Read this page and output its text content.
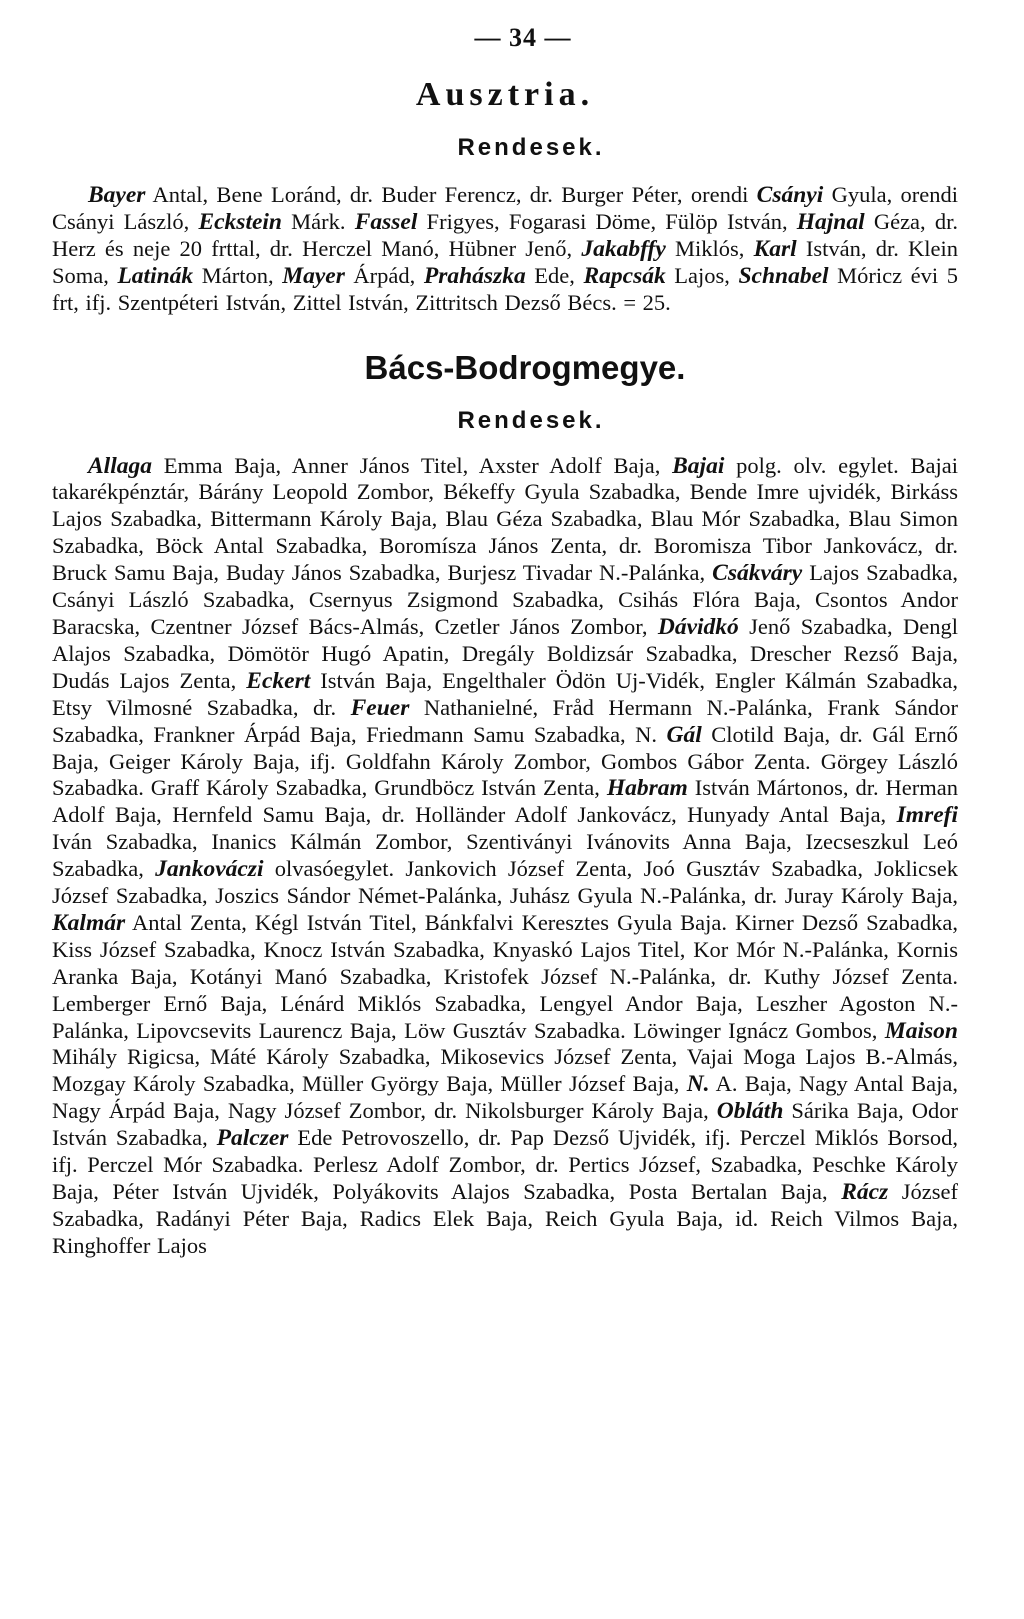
— 34 —
Ausztria.
Rendesek.

Bayer Antal, Bene Loránd, dr. Buder Ferencz, dr. Burger Péter, orendi Csányi Gyula, orendi Csányi László, Eckstein Márk. Fassel Frigyes, Fogarasi Döme, Fülöp István, Hajnal Géza, dr. Herz és neje 20 frttal, dr. Herczel Manó, Hübner Jenő, Jakabffy Miklós, Karl István, dr. Klein Soma, Latinák Márton, Mayer Árpád, Prahászka Ede, Rapcsák Lajos, Schnabel Móricz évi 5 frt, ifj. Szentpéteri István, Zittel István, Zittritsch Dezső Bécs. = 25.

Bács-Bodrogmegye.
Rendesek.

Allaga Emma Baja, Anner János Titel, Axster Adolf Baja, Bajai polg. olv. egylet. Bajai takarékpénztár, Bárány Leopold Zombor, Békeffy Gyula Szabadka, Bende Imre ujvidék, Birkáss Lajos Szabadka, Bittermann Károly Baja, Blau Géza Szabadka, Blau Mór Szabadka, Blau Simon Szabadka, Böck Antal Szabadka, Boromísza János Zenta, dr. Boromisza Tibor Jankovácz, dr. Bruck Samu Baja, Buday János Szabadka, Burjesz Tivadar N.-Palánka, Csákváry Lajos Szabadka, Csányi László Szabadka, Csernyus Zsigmond Szabadka, Csihás Flóra Baja, Csontos Andor Baracska, Czentner József Bács-Almás, Czetler János Zombor, Dávidkó Jenő Szabadka, Dengl Alajos Szabadka, Dömötör Hugó Apatin, Dregály Boldizsár Szabadka, Drescher Rezső Baja, Dudás Lajos Zenta, Eckert István Baja, Engelthaler Ödön Uj-Vidék, Engler Kálmán Szabadka, Etsy Vilmosné Szabadka, dr. Feuer Nathanielné, Fråd Hermann N.-Palánka, Frank Sándor Szabadka, Frankner Árpád Baja, Friedmann Samu Szabadka, N. Gál Clotild Baja, dr. Gál Ernő Baja, Geiger Károly Baja, ifj. Goldfahn Károly Zombor, Gombos Gábor Zenta. Görgey László Szabadka. Graff Károly Szabadka, Grundböcz István Zenta, Habram István Mártonos, dr. Herman Adolf Baja, Hernfeld Samu Baja, dr. Holländer Adolf Jankovácz, Hunyady Antal Baja, Imrefi Iván Szabadka, Inanics Kálmán Zombor, Szentiványi Ivánovits Anna Baja, Izecseszkul Leó Szabadka, Jankováczi olvasóegylet. Jankovich József Zenta, Joó Gusztáv Szabadka, Joklicsek József Szabadka, Joszics Sándor Német-Palánka, Juhász Gyula N.-Palánka, dr. Juray Károly Baja, Kalmár Antal Zenta, Kégl István Titel, Bánkfalvi Keresztes Gyula Baja. Kirner Dezső Szabadka, Kiss József Szabadka, Knocz István Szabadka, Knyaskó Lajos Titel, Kor Mór N.-Palánka, Kornis Aranka Baja, Kotányi Manó Szabadka, Kristofek József N.-Palánka, dr. Kuthy József Zenta. Lemberger Ernő Baja, Lénárd Miklós Szabadka, Lengyel Andor Baja, Leszher Agoston N.-Palánka, Lipovcsevits Laurencz Baja, Löw Gusztáv Szabadka. Löwinger Ignácz Gombos, Maison Mihály Rigicsa, Máté Károly Szabadka, Mikosevics József Zenta, Vajai Moga Lajos B.-Almás, Mozgay Károly Szabadka, Müller György Baja, Müller József Baja, N. A. Baja, Nagy Antal Baja, Nagy Árpád Baja, Nagy József Zombor, dr. Nikolsburger Károly Baja, Obláth Sárika Baja, Odor István Szabadka, Palczer Ede Petrovoszello, dr. Pap Dezső Ujvidék, ifj. Perczel Miklós Borsod, ifj. Perczel Mór Szabadka. Perlesz Adolf Zombor, dr. Pertics József, Szabadka, Peschke Károly Baja, Péter István Ujvidék, Polyákovits Alajos Szabadka, Posta Bertalan Baja, Rácz József Szabadka, Radányi Péter Baja, Radics Elek Baja, Reich Gyula Baja, id. Reich Vilmos Baja, Ringhoffer Lajos
